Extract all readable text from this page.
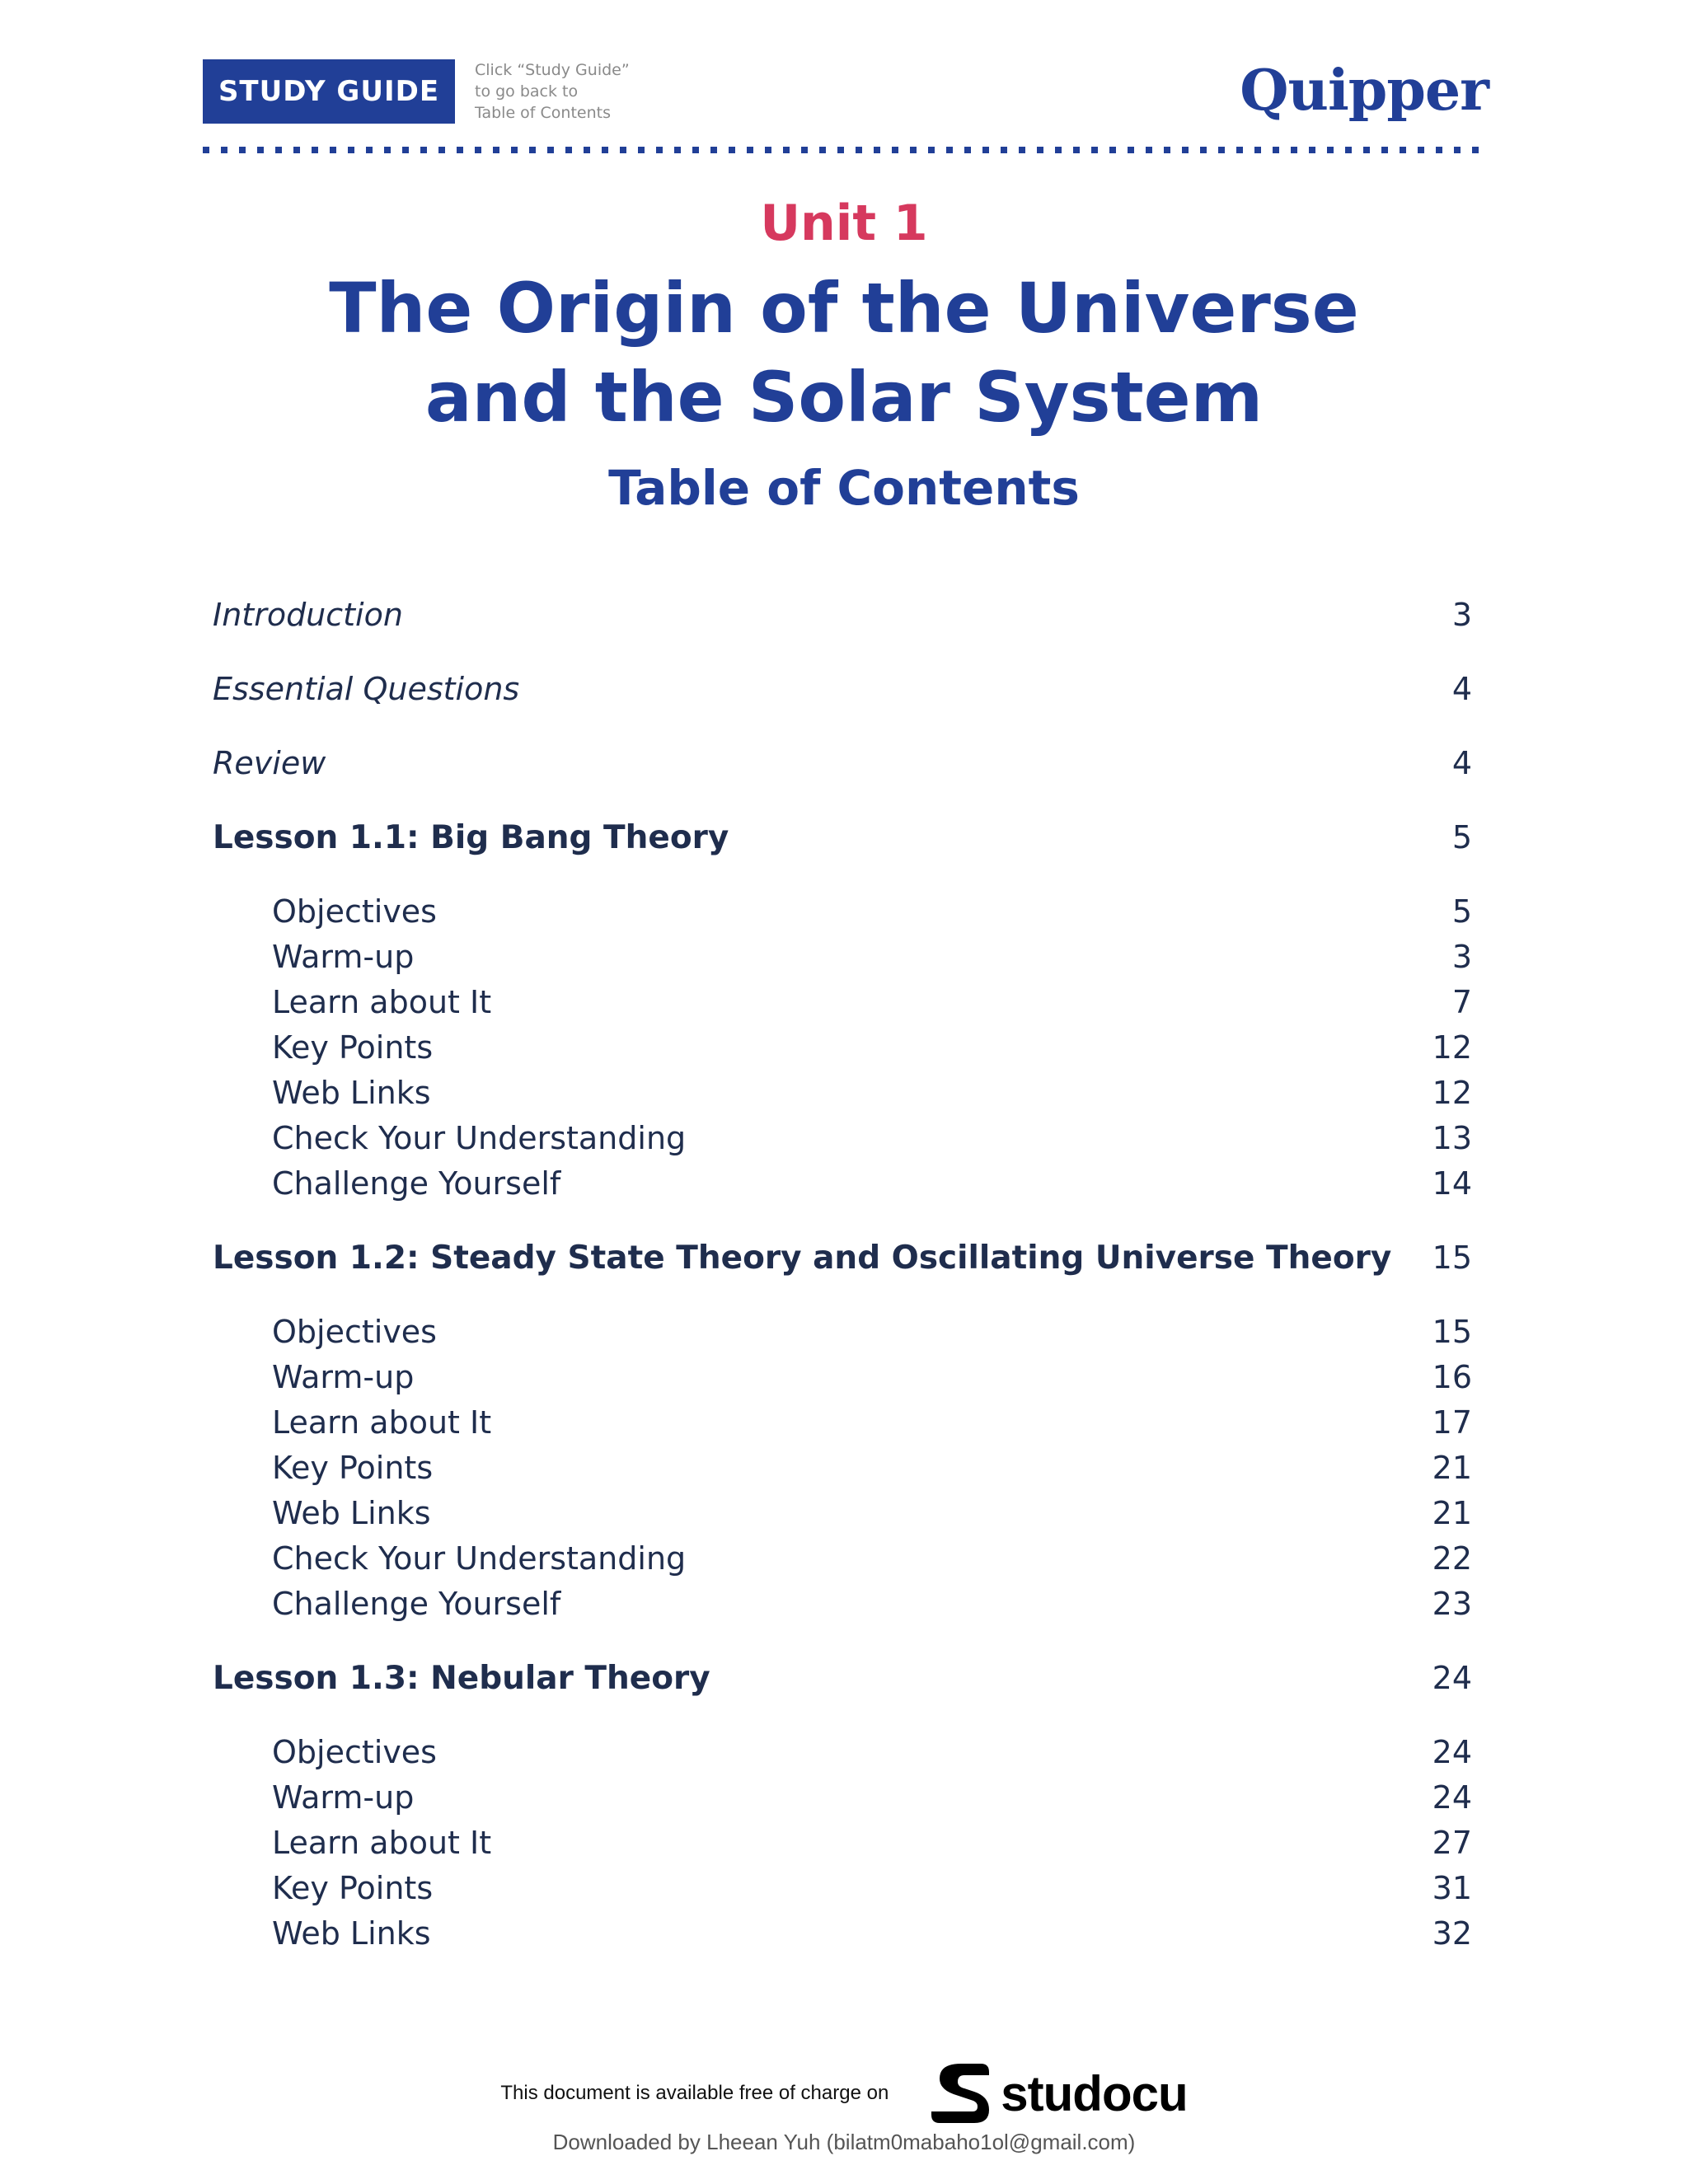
STUDY GUIDE
Click “Study Guide”
to go back to
Table of Contents	Quipper
Unit 1
The Origin of the Universe
and the Solar System
Table of Contents
Introduction	3
Essential Questions	4
Review	4
Lesson 1.1: Big Bang Theory	5
Objectives	5
Warm-up	3
Learn about It	7
Key Points	12
Web Links	12
Check Your Understanding	13
Challenge Yourself	14
Lesson 1.2: Steady State Theory and Oscillating Universe Theory 15
Objectives	15
Warm-up	16
Learn about It	17
Key Points	21
Web Links	21
Check Your Understanding	22
Challenge Yourself	23
Lesson 1.3: Nebular Theory	24
Objectives	24
Warm-up	24
Learn about It	27
Key Points	31
Web Links	32
This document is available free of charge on studocu
Downloaded by Lheean Yuh (bilatm0mabaho1ol@gmail.com)
